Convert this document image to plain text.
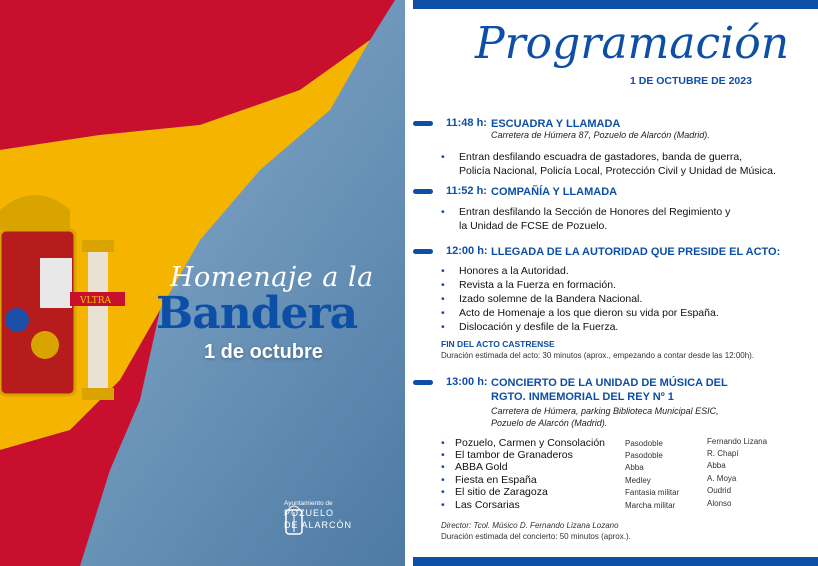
VLTRA
Homenaje a la
Bandera
1 de octubre
Ayuntamiento de
POZUELO
DE ALARCÓN
Programación
1 DE OCTUBRE DE 2023
11:48 h: ESCUADRA Y LLAMADA
Carretera de Húmera 87, Pozuelo de Alarcón (Madrid).
• Entran desfilando escuadra de gastadores, banda de guerra,
Policía Nacional, Policía Local, Protección Civil y Unidad de Música.
11:52 h: COMPAÑÍA Y LLAMADA
• Entran desfilando la Sección de Honores del Regimiento y
la Unidad de FCSE de Pozuelo.
12:00 h: LLEGADA DE LA AUTORIDAD QUE PRESIDE EL ACTO:
• Honores a la Autoridad.
• Revista a la Fuerza en formación.
• Izado solemne de la Bandera Nacional.
• Acto de Homenaje a los que dieron su vida por España.
• Dislocación y desfile de la Fuerza.
FIN DEL ACTO CASTRENSE
Duración estimada del acto: 30 minutos (aprox., empezando a contar desde las 12:00h).
13:00 h: CONCIERTO DE LA UNIDAD DE MÚSICA DEL
RGTO. INMEMORIAL DEL REY Nº 1
Carretera de Húmera, parking Biblioteca Municipal ESIC,
Pozuelo de Alarcón (Madrid).
• Pozuelo, Carmen y Consolación	Pasodoble	Fernando Lizana
• El tambor de Granaderos	Pasodoble	R. Chapí
• ABBA Gold	Abba	Abba
• Fiesta en España	Medley	A. Moya
• El sitio de Zaragoza	Fantasia militar	Oudrid
• Las Corsarias	Marcha militar	Alonso
Director: Tcol. Músico D. Fernando Lizana Lozano
Duración estimada del concierto: 50 minutos (aprox.).
